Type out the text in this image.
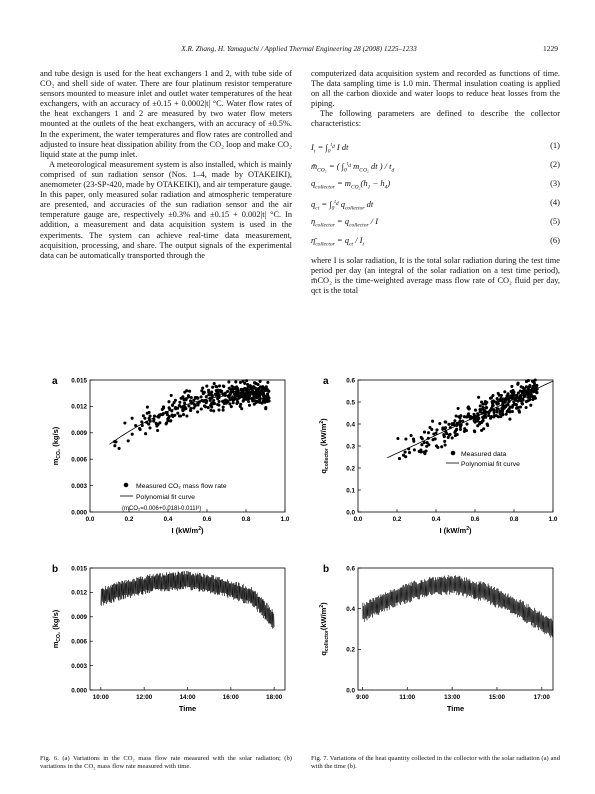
X.R. Zhang, H. Yamaguchi / Applied Thermal Engineering 28 (2008) 1225–1233	1229

and tube design is used for the heat exchangers 1 and 2, with tube side of CO₂ and shell side of water. There are four platinum resistor temperature sensors mounted to measure inlet and outlet water temperatures of the heat exchangers, with an accuracy of ±0.15 + 0.0002|t| °C. Water flow rates of the heat exchangers 1 and 2 are measured by two water flow meters mounted at the outlets of the heat exchangers, with an accuracy of ±0.5%. In the experiment, the water temperatures and flow rates are controlled and adjusted to insure heat dissipation ability from the CO₂ loop and make CO₂ liquid state at the pump inlet.

A meteorological measurement system is also installed, which is mainly comprised of sun radiation sensor (Nos. 1–4, made by OTAKEIKI), anemometer (23-SP-420, made by OTAKEIKI), and air temperature gauge. In this paper, only measured solar radiation and atmospheric temperature are presented, and accuracies of the sun radiation sensor and the air temperature gauge are, respectively ±0.3% and ±0.15 + 0.002|t| °C. In addition, a measurement and data acquisition system is used in the experiments. The system can achieve real-time data measurement, acquisition, processing, and share. The output signals of the experimental data can be automatically transported through the

computerized data acquisition system and recorded as functions of time. The data sampling time is 1.0 min. Thermal insulation coating is applied on all the carbon dioxide and water loops to reduce heat losses from the piping.

The following parameters are defined to describe the collector characteristics:

$I_t = \int_0^{t_d}$ I dt	(1)
$m̄_{CO_2}$ = ( $\int_0^{t_d}$ $m_{CO_2}$ dt ) / $t_d$
(2)
$q_{collector} = m_{CO_2}(h_1 - h_4)$	(3)
$q_{ct} = \int_0^{t_d}$ $q_{collector}$ dt	(4)
$\eta_{collector} = q_{collector} / I$	(5)
$\etā_{collector} = q_{ct} / I_t$	(6)

where I is solar radiation, It is the total solar radiation during the test time period per day (an integral of the solar radiation on a test time period), m̄CO₂ is the time-weighted average mass flow rate of CO₂ fluid per day, qct is the total

a
0.000
0.003
0.006
0.009
0.012
0.015
0.0	0.2	0.4	0.6	0.8	1.0
$m_{CO_2}$ (kg/s)
I $(kW/m^2)$
Measured CO₂ mass flow rate
Polynomial fit curve
(mCO₂=0.006+0.018I-0.011I²)
b
0.000
0.003
0.006
0.009
0.012
0.015
10:00	12:00	14:00	16:00	18:00
$m_{CO_2}$ (kg/s)
Time
a
0.0
0.1
0.2
0.3
0.4
0.5
0.6
0.0	0.2	0.4	0.6	0.8	1.0
$q_{collector}$ $(kW/m^2)$
I $(kW/m^2)$
Measured data
Polynomial fit curve
b
0.0
0.2
0.4
0.6
9:00	11:00	13:00	15:00	17:00
$q_{collector}(kW/m^2)$
Time
Fig. 6. (a) Variations in the CO₂ mass flow rate measured with the solar radiation; (b) variations in the CO₂ mass flow rate measured with time.
Fig. 7. Variations of the heat quantity collected in the collector with the solar radiation (a) and with the time (b).
